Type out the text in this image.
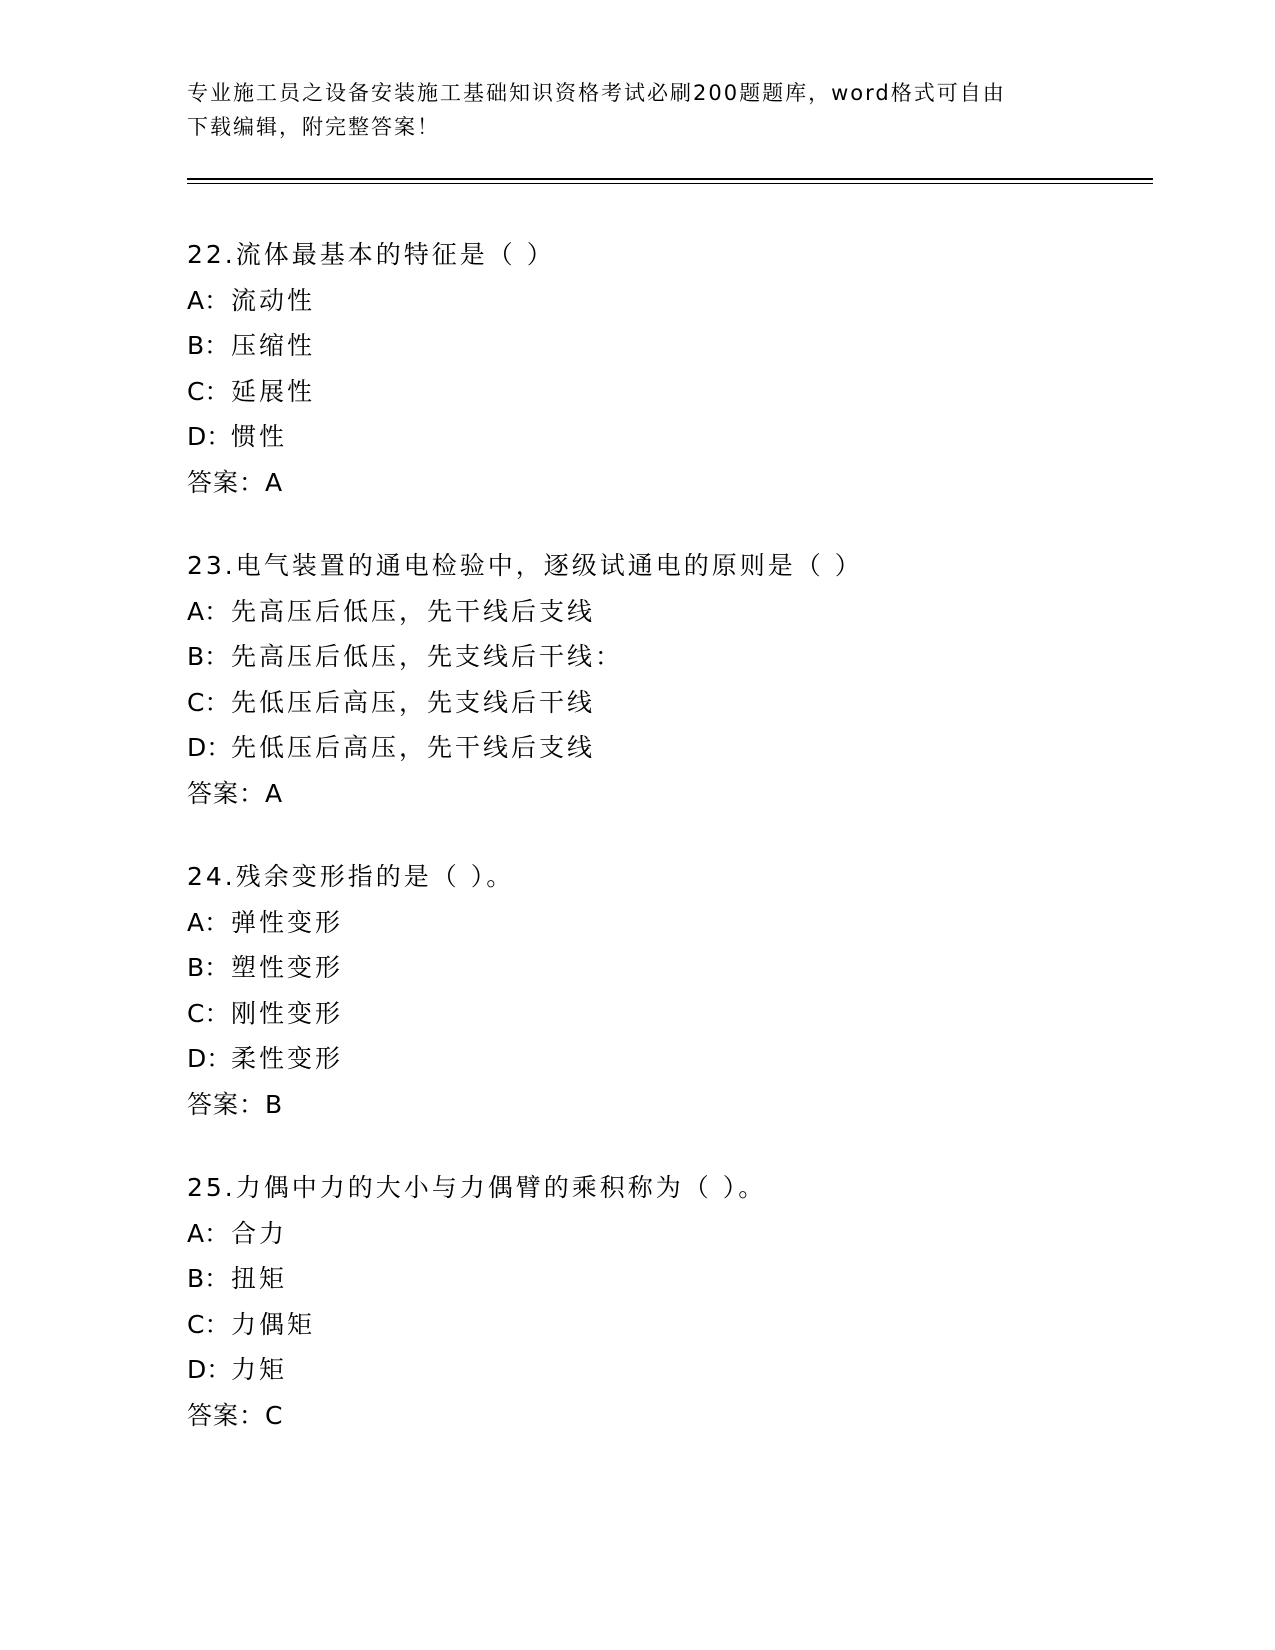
专业施工员之设备安装施工基础知识资格考试必刷200题题库，word格式可自由
下载编辑，附完整答案！
22.流体最基本的特征是（ ）
A：流动性
B：压缩性
C：延展性
D：惯性
答案：A
23.电气装置的通电检验中，逐级试通电的原则是（ ）
A：先高压后低压，先干线后支线
B：先高压后低压，先支线后干线：
C：先低压后高压，先支线后干线
D：先低压后高压，先干线后支线
答案：A
24.残余变形指的是（ ）。
A：弹性变形
B：塑性变形
C：刚性变形
D：柔性变形
答案：B
25.力偶中力的大小与力偶臂的乘积称为（ ）。
A：合力
B：扭矩
C：力偶矩
D：力矩
答案：C
